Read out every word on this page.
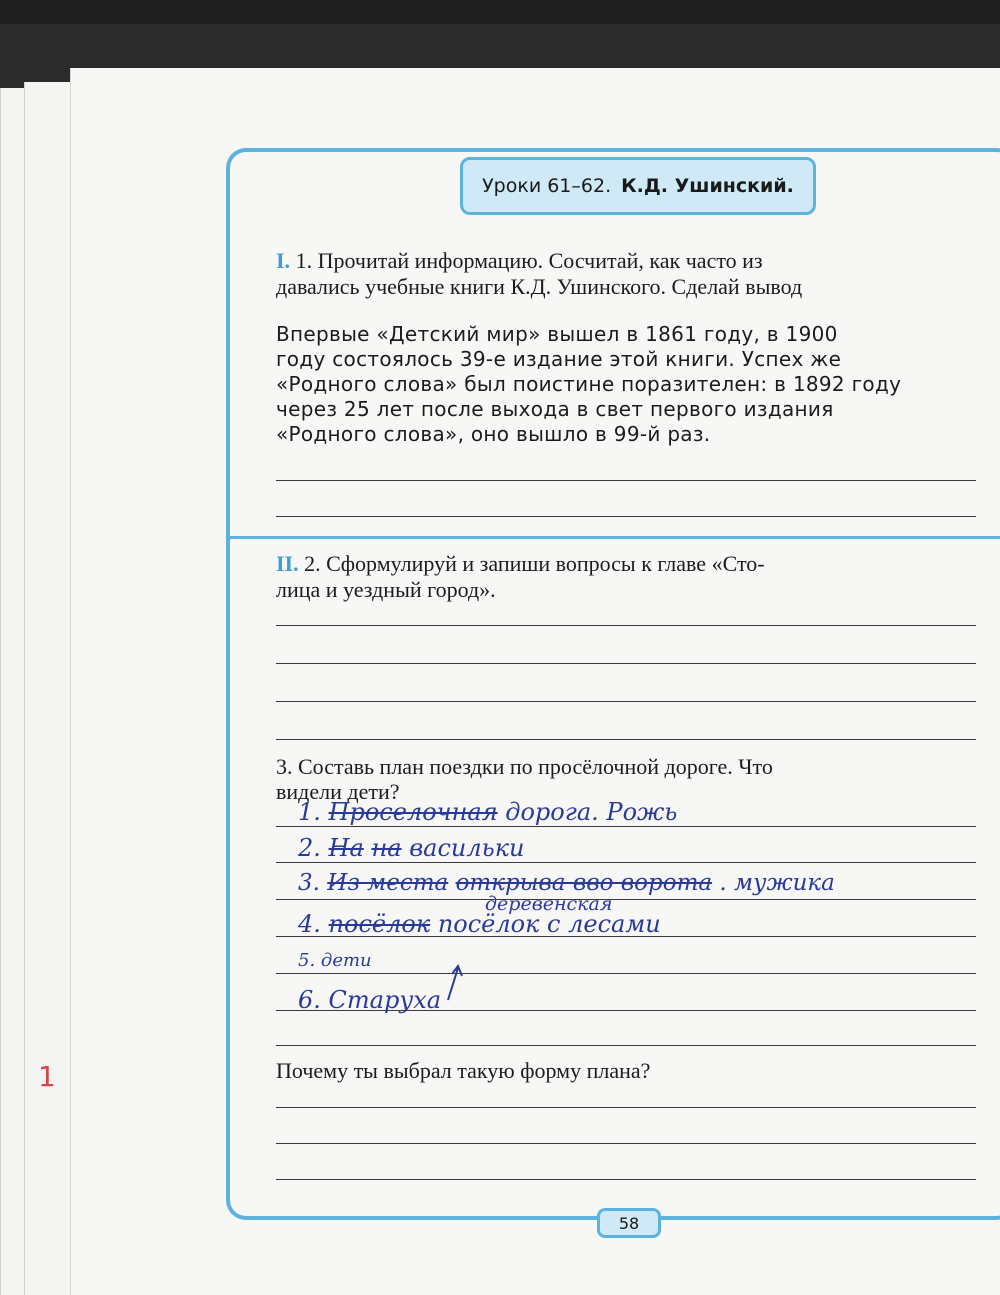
Уроки 61–62. К.Д. Ушинский.
I. 1. Прочитай информацию. Сосчитай, как часто из
давались учебные книги К.Д. Ушинского. Сделай вывод
Впервые «Детский мир» вышел в 1861 году, в 1900
году состоялось 39-е издание этой книги. Успех же
«Родного слова» был поистине поразителен: в 1892 году
через 25 лет после выхода в свет первого издания
«Родного слова», оно вышло в 99-й раз.
II. 2. Сформулируй и запиши вопросы к главе «Сто-
лица и уездный город».
3. Составь план поездки по просёлочной дороге. Что
видели дети?
1. Проселочная дорога. Рожь
2. На на васильки
3. Из места открыва вво ворота . мужика
деревенская
4. посёлок посёлок с лесами
5. дети
6. Старуха
Почему ты выбрал такую форму плана?
58
1
